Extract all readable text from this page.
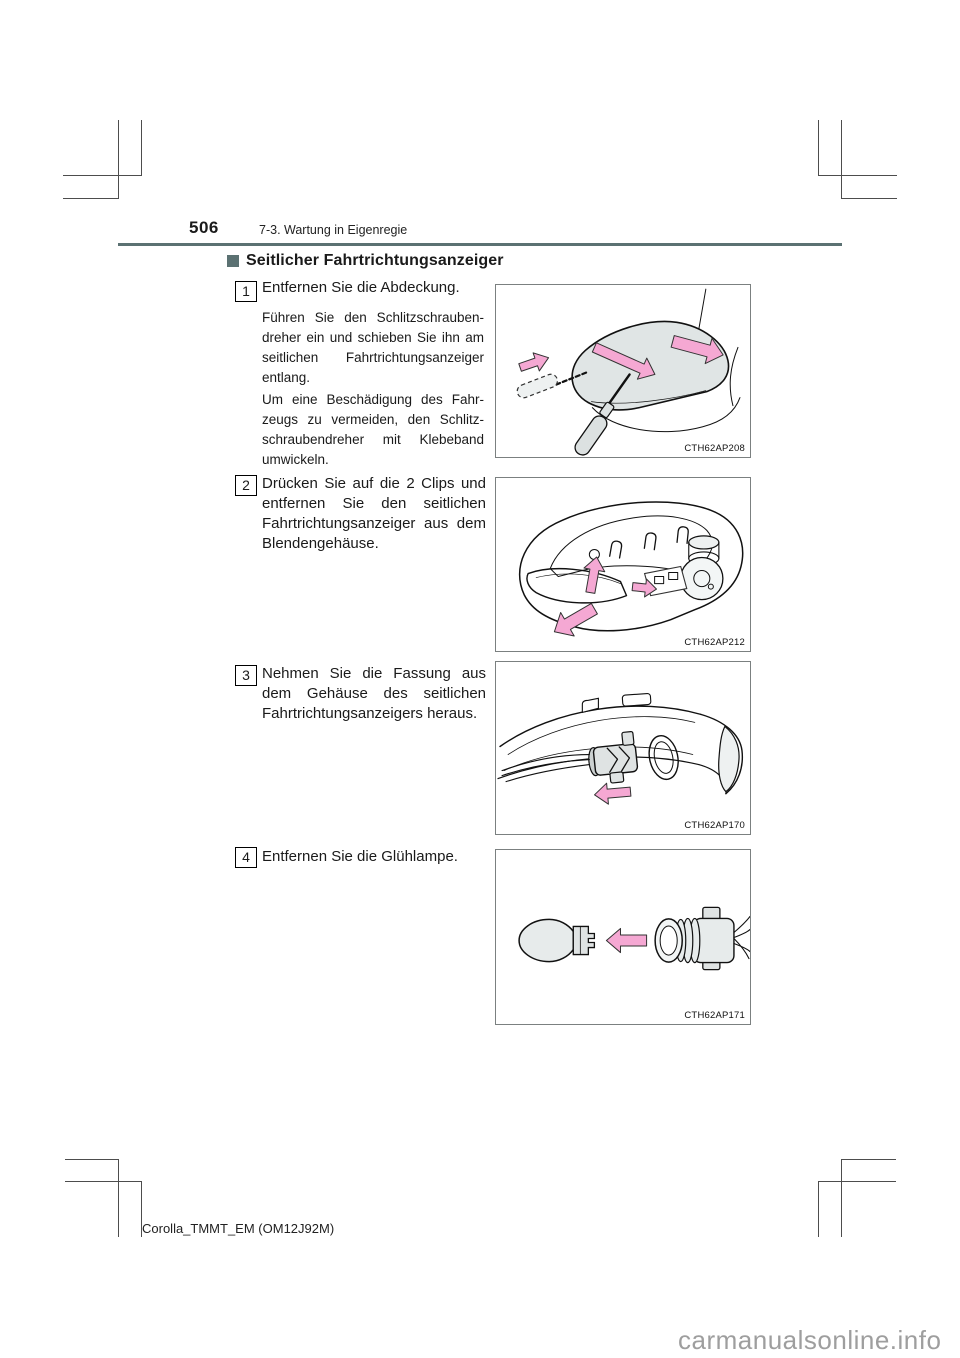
506	7-3. Wartung in Eigenregie
Seitlicher Fahrtrichtungsanzeiger
1 Entfernen Sie die Abdeckung.
Führen Sie den Schlitzschrauben-
dreher ein und schieben Sie ihn am
seitlichen Fahrtrichtungsanzeiger
entlang.
Um eine Beschädigung des Fahr-
zeugs zu vermeiden, den Schlitz-
schraubendreher mit Klebeband
umwickeln.
2 Drücken Sie auf die 2 Clips und
entfernen Sie den seitlichen
Fahrtrichtungsanzeiger aus dem
Blendengehäuse.
3 Nehmen Sie die Fassung aus
dem Gehäuse des seitlichen
Fahrtrichtungsanzeigers heraus.
4 Entfernen Sie die Glühlampe.
CTH62AP208
CTH62AP212
CTH62AP170
CTH62AP171
Corolla_TMMT_EM (OM12J92M)
carmanualsonline.info
